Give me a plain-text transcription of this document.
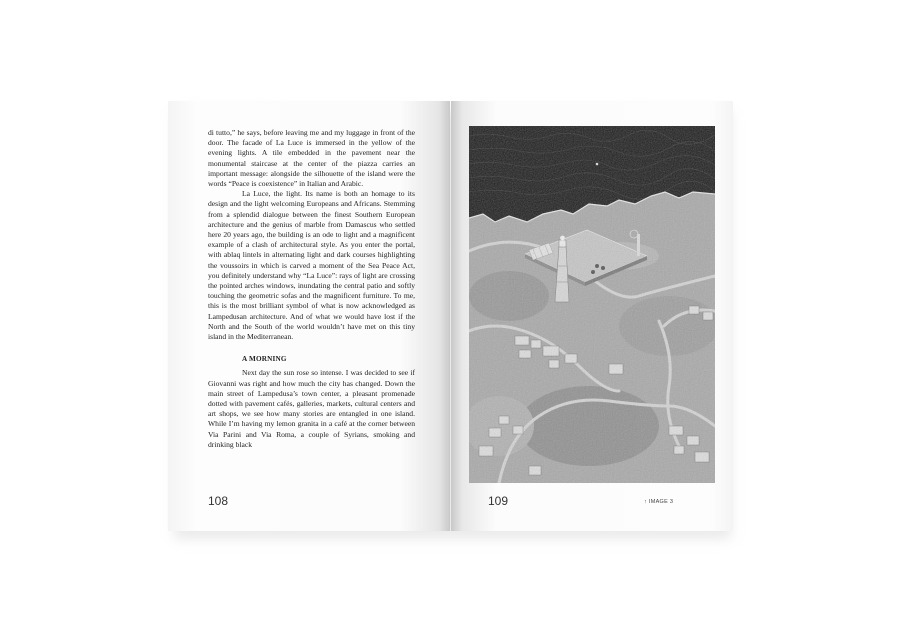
di tutto,” he says, before leaving me and my luggage in front of the door. The facade of La Luce is immersed in the yellow of the evening lights. A tile embedded in the pavement near the monumental staircase at the center of the piazza carries an important message: alongside the silhouette of the island were the words “Peace is coexistence” in Italian and Arabic.

La Luce, the light. Its name is both an homage to its design and the light welcoming Europeans and Africans. Stemming from a splendid dialogue between the finest Southern European architecture and the genius of marble from Damascus who settled here 20 years ago, the building is an ode to light and a magnificent example of a clash of architectural style. As you enter the portal, with ablaq lintels in alternating light and dark courses highlighting the voussoirs in which is carved a moment of the Sea Peace Act, you definitely understand why “La Luce”: rays of light are crossing the pointed arches windows, inundating the central patio and softly touching the geometric sofas and the magnificent furniture. To me, this is the most brilliant symbol of what is now acknowledged as Lampedusan architecture. And of what we would have lost if the North and the South of the world wouldn’t have met on this tiny island in the Mediterranean.

A MORNING

Next day the sun rose so intense. I was decided to see if Giovanni was right and how much the city has changed. Down the main street of Lampedusa’s town center, a pleasant promenade dotted with pavement cafés, galleries, markets, cultural centers and art shops, we see how many stories are entangled in one island. While I’m having my lemon granita in a café at the corner between Via Parini and Via Roma, a couple of Syrians, smoking and drinking black

108	109	↑ IMAGE 3
